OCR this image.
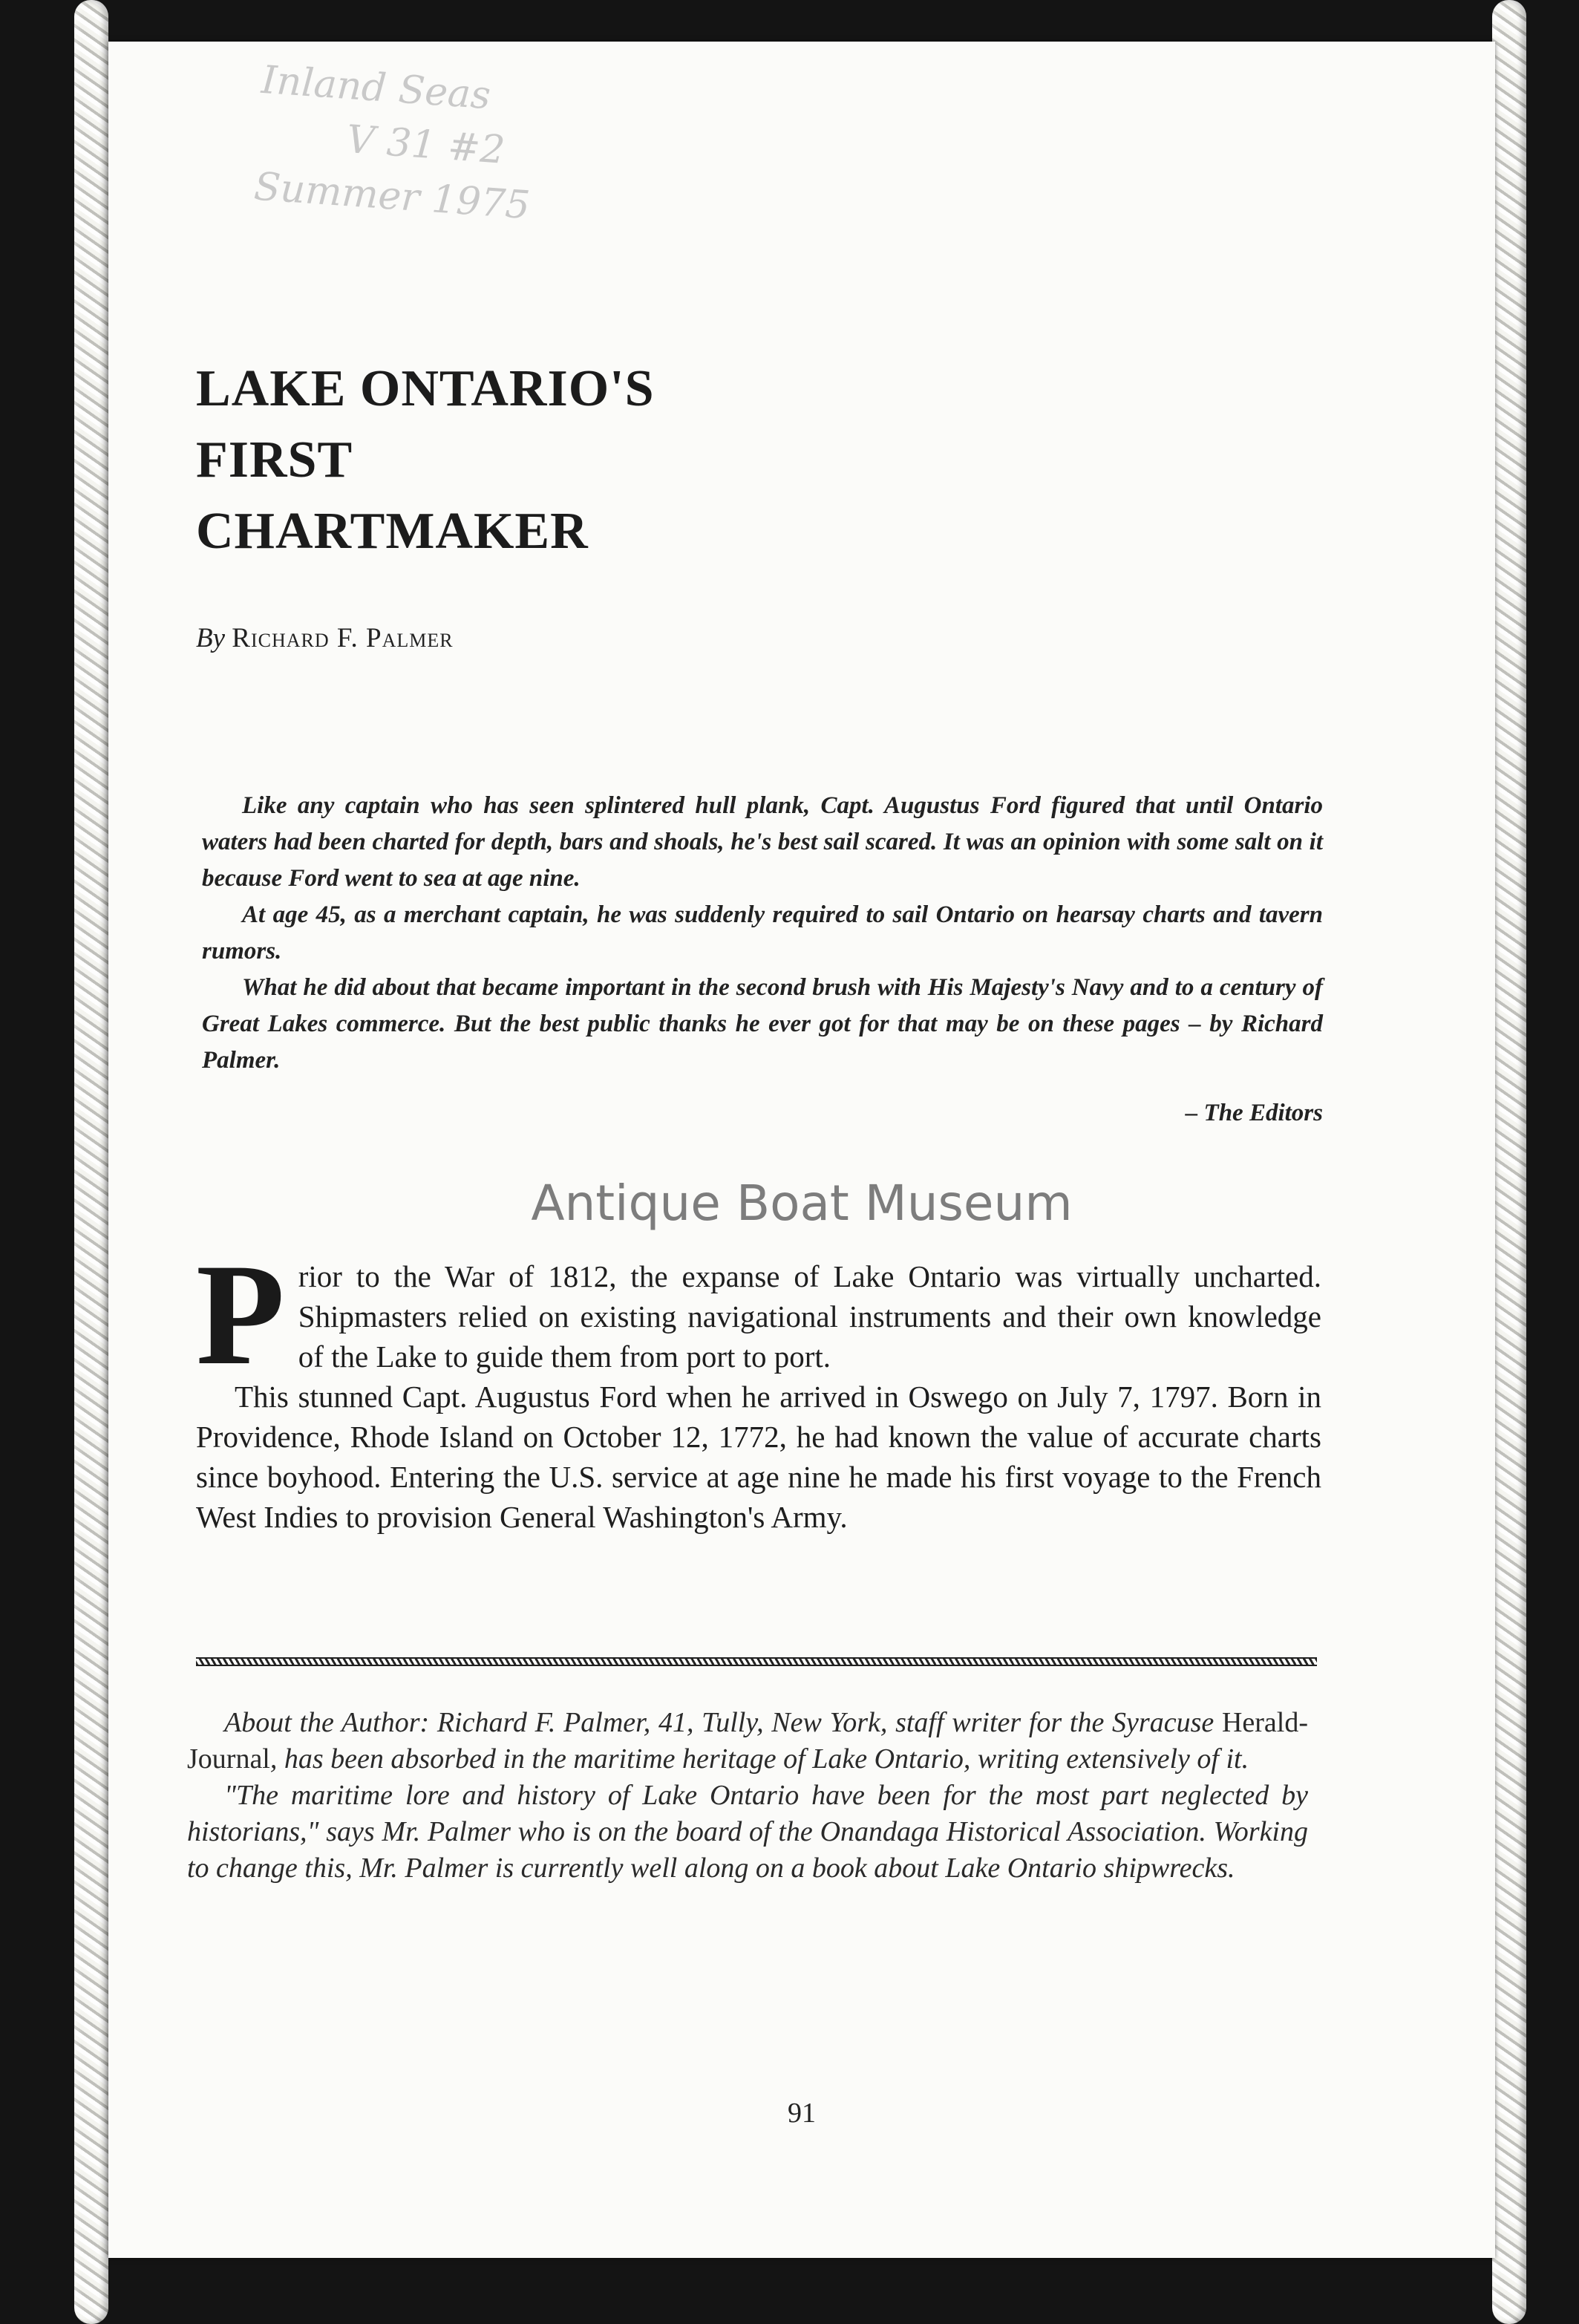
Inland Seas
V 31 #2
Summer 1975
LAKE ONTARIO'S
FIRST
CHARTMAKER
By Richard F. Palmer

Like any captain who has seen splintered hull plank, Capt. Augustus Ford figured that until Ontario waters had been charted for depth, bars and shoals, he's best sail scared. It was an opinion with some salt on it because Ford went to sea at age nine.

At age 45, as a merchant captain, he was suddenly required to sail Ontario on hearsay charts and tavern rumors.

What he did about that became important in the second brush with His Majesty's Navy and to a century of Great Lakes commerce. But the best public thanks he ever got for that may be on these pages – by Richard Palmer.

– The Editors

Antique Boat Museum

Prior to the War of 1812, the expanse of Lake Ontario was virtually uncharted. Shipmasters relied on existing navigational instruments and their own knowledge of the Lake to guide them from port to port.

This stunned Capt. Augustus Ford when he arrived in Oswego on July 7, 1797. Born in Providence, Rhode Island on October 12, 1772, he had known the value of accurate charts since boyhood. Entering the U.S. service at age nine he made his first voyage to the French West Indies to provision General Washington's Army.

About the Author: Richard F. Palmer, 41, Tully, New York, staff writer for the Syracuse Herald-Journal, has been absorbed in the maritime heritage of Lake Ontario, writing extensively of it.

"The maritime lore and history of Lake Ontario have been for the most part neglected by historians," says Mr. Palmer who is on the board of the Onandaga Historical Association. Working to change this, Mr. Palmer is currently well along on a book about Lake Ontario shipwrecks.

91
